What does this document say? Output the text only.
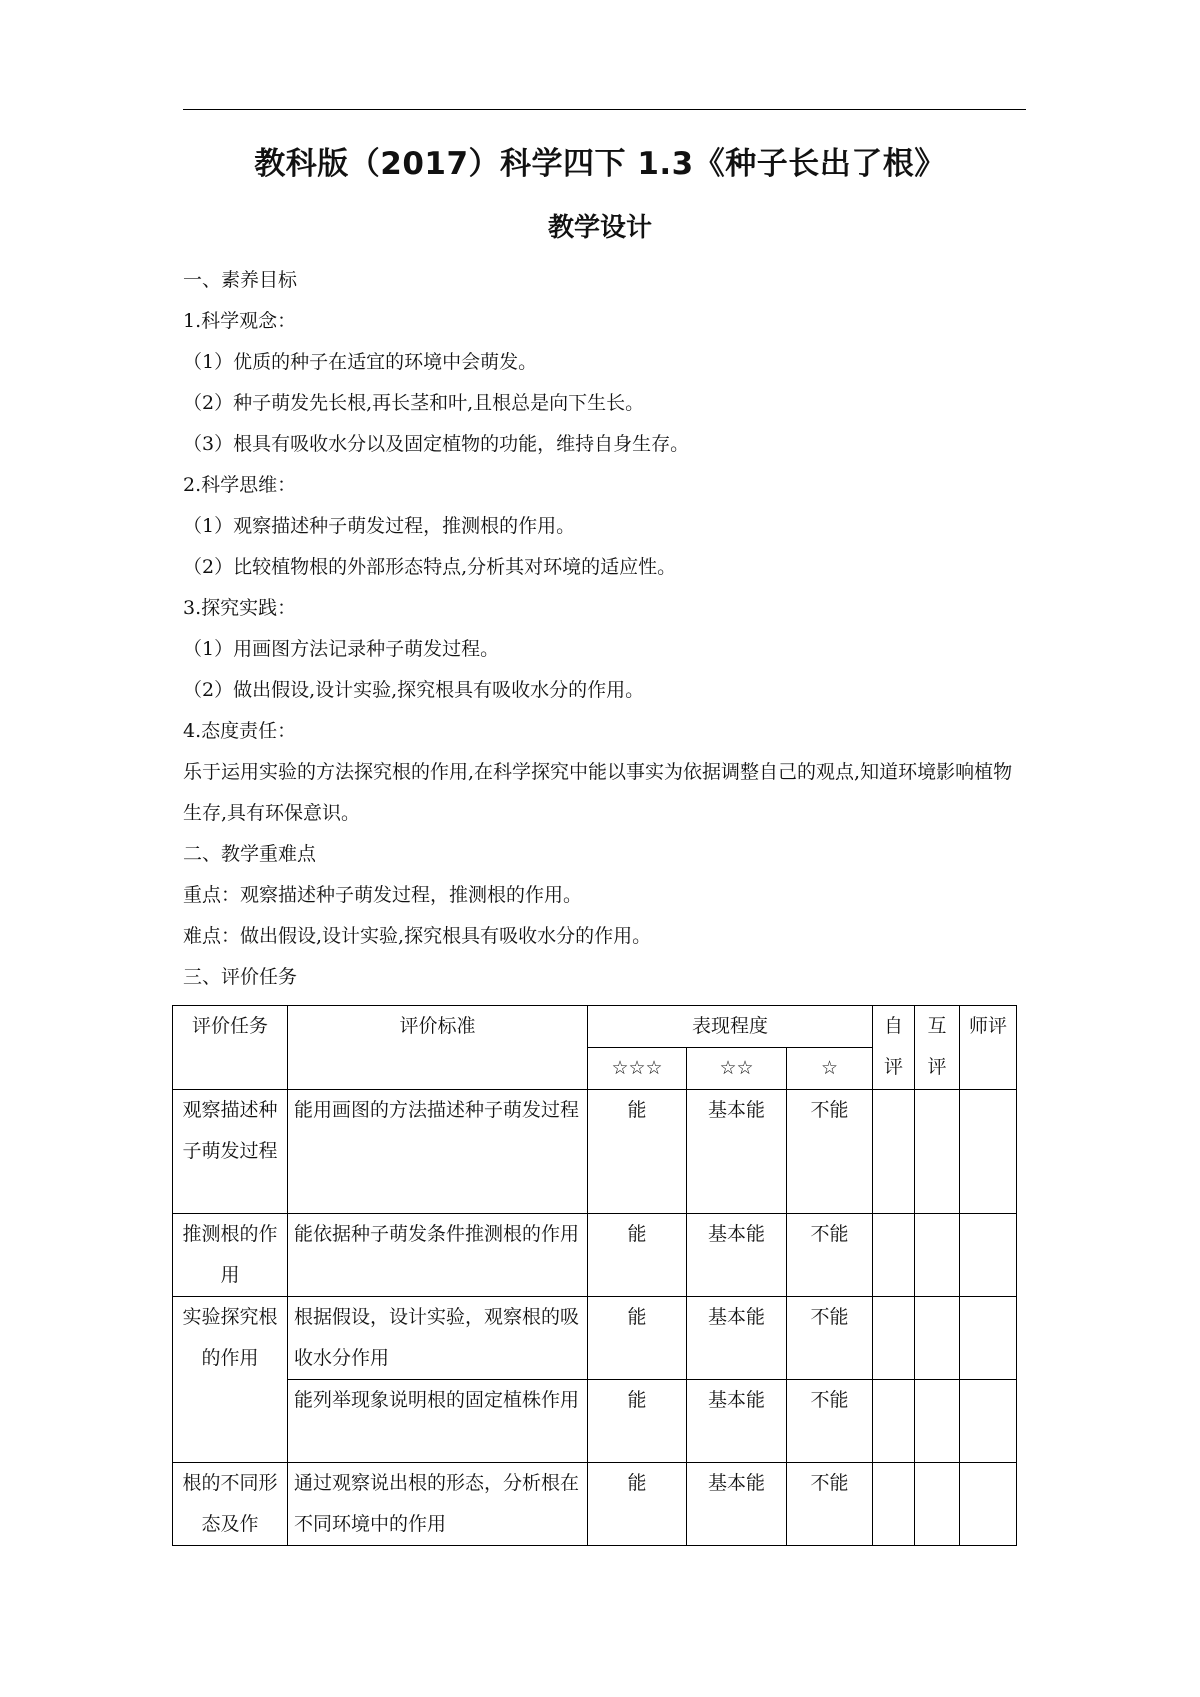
教科版（2017）科学四下 1.3《种子长出了根》
教学设计
一、素养目标
1.科学观念：
（1）优质的种子在适宜的环境中会萌发。
（2）种子萌发先长根,再长茎和叶,且根总是向下生长。
（3）根具有吸收水分以及固定植物的功能，维持自身生存。
2.科学思维：
（1）观察描述种子萌发过程，推测根的作用。
（2）比较植物根的外部形态特点,分析其对环境的适应性。
3.探究实践：
（1）用画图方法记录种子萌发过程。
（2）做出假设,设计实验,探究根具有吸收水分的作用。
4.态度责任：
乐于运用实验的方法探究根的作用,在科学探究中能以事实为依据调整自己的观点,知道环境影响植物生存,具有环保意识。
二、教学重难点
重点：观察描述种子萌发过程，推测根的作用。
难点：做出假设,设计实验,探究根具有吸收水分的作用。
三、评价任务
评价任务	评价标准	表现程度			自评	互评	师评
		☆☆☆	☆☆	☆			
观察描述种子萌发过程	能用画图的方法描述种子萌发过程	能	基本能	不能			
推测根的作用	能依据种子萌发条件推测根的作用	能	基本能	不能			
实验探究根的作用	根据假设，设计实验，观察根的吸收水分作用	能	基本能	不能			
	能列举现象说明根的固定植株作用	能	基本能	不能			
根的不同形态及作	通过观察说出根的形态，分析根在不同环境中的作用	能	基本能	不能			
